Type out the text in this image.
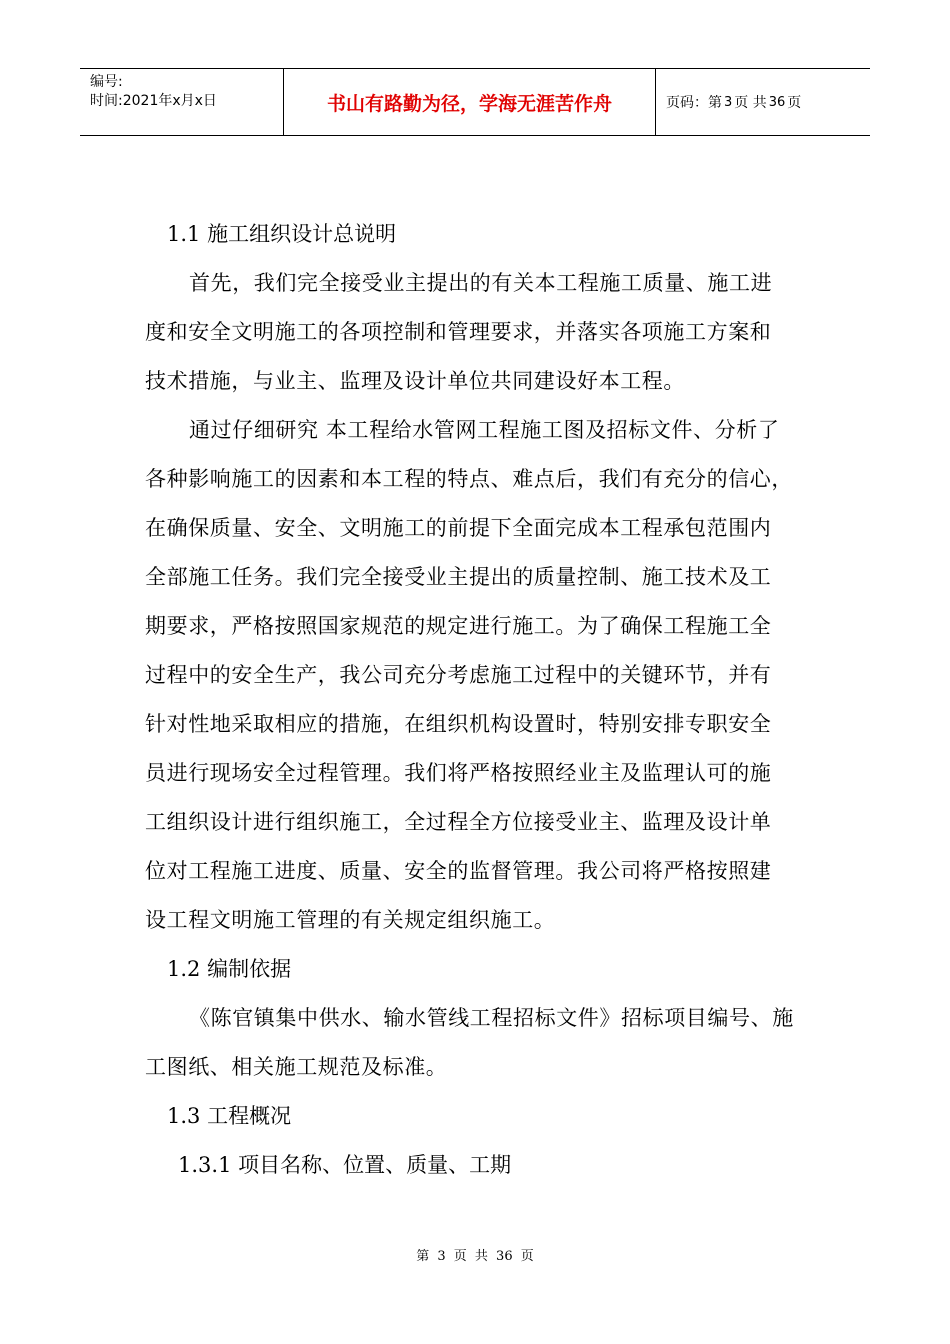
编号:
时间:2021年x月x日	书山有路勤为径，学海无涯苦作舟	页码：第 3 页 共 36 页
1.1 施工组织设计总说明
首先，我们完全接受业主提出的有关本工程施工质量、施工进
度和安全文明施工的各项控制和管理要求，并落实各项施工方案和
技术措施，与业主、监理及设计单位共同建设好本工程。
通过仔细研究 本工程给水管网工程施工图及招标文件、分析了
各种影响施工的因素和本工程的特点、难点后，我们有充分的信心，
在确保质量、安全、文明施工的前提下全面完成本工程承包范围内
全部施工任务。我们完全接受业主提出的质量控制、施工技术及工
期要求，严格按照国家规范的规定进行施工。为了确保工程施工全
过程中的安全生产，我公司充分考虑施工过程中的关键环节，并有
针对性地采取相应的措施，在组织机构设置时，特别安排专职安全
员进行现场安全过程管理。我们将严格按照经业主及监理认可的施
工组织设计进行组织施工，全过程全方位接受业主、监理及设计单
位对工程施工进度、质量、安全的监督管理。我公司将严格按照建
设工程文明施工管理的有关规定组织施工。
1.2 编制依据
《陈官镇集中供水、输水管线工程招标文件》招标项目编号、施
工图纸、相关施工规范及标准。
1.3 工程概况
1.3.1 项目名称、位置、质量、工期
第 3 页 共 36 页
